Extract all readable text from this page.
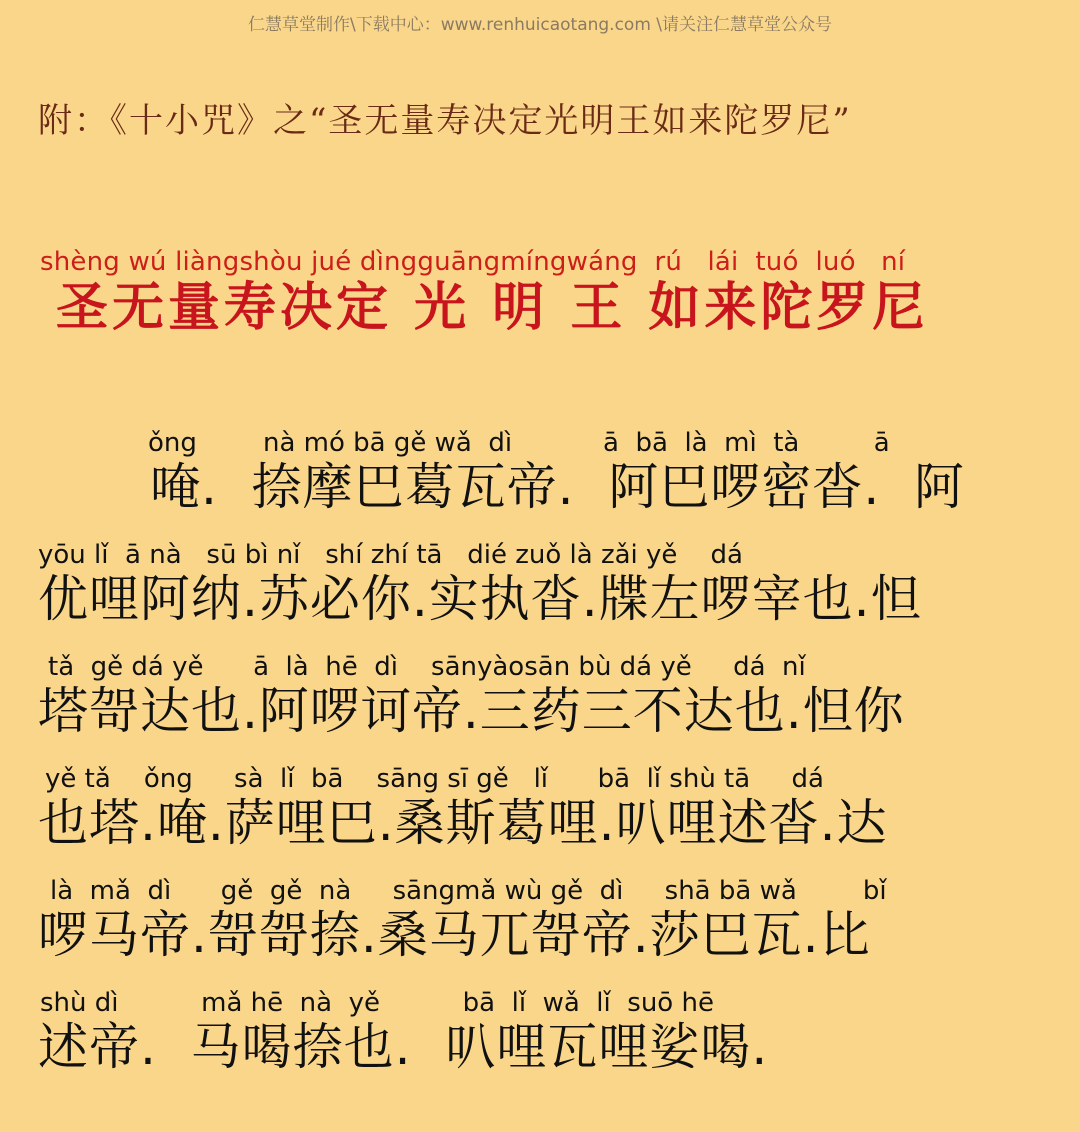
仁慧草堂制作\下载中心：www.renhuicaotang.com \请关注仁慧草堂公众号
附：《十小咒》之“圣无量寿决定光明王如来陀罗尼”
shèng wú liàngshòu jué dìngguāngmíngwáng  rú   lái  tuó  luó   ní
圣无量寿决定 光 明 王 如来陀罗尼
ǒng        nà mó bā gě wǎ  dì           ā  bā  là  mì  tà         ā
唵.  捺摩巴葛瓦帝.  阿巴啰密沓.  阿
yōu lǐ  ā nà   sū bì nǐ   shí zhí tā   dié zuǒ là zǎi yě    dá
优哩阿纳.苏必你.实执沓.牒左啰宰也.怛
tǎ  gě dá yě      ā  là  hē  dì    sānyàosān bù dá yě     dá  nǐ
塔哿达也.阿啰诃帝.三药三不达也.怛你
yě tǎ    ǒng     sà  lǐ  bā    sāng sī gě   lǐ      bā  lǐ shù tā     dá
也塔.唵.萨哩巴.桑斯葛哩.叭哩述沓.达
là  mǎ  dì      gě  gě  nà     sāngmǎ wù gě  dì     shā bā wǎ        bǐ
啰马帝.哿哿捺.桑马兀哿帝.莎巴瓦.比
shù dì          mǎ hē  nà  yě          bā  lǐ  wǎ  lǐ  suō hē
述帝.  马喝捺也.  叭哩瓦哩娑喝.
